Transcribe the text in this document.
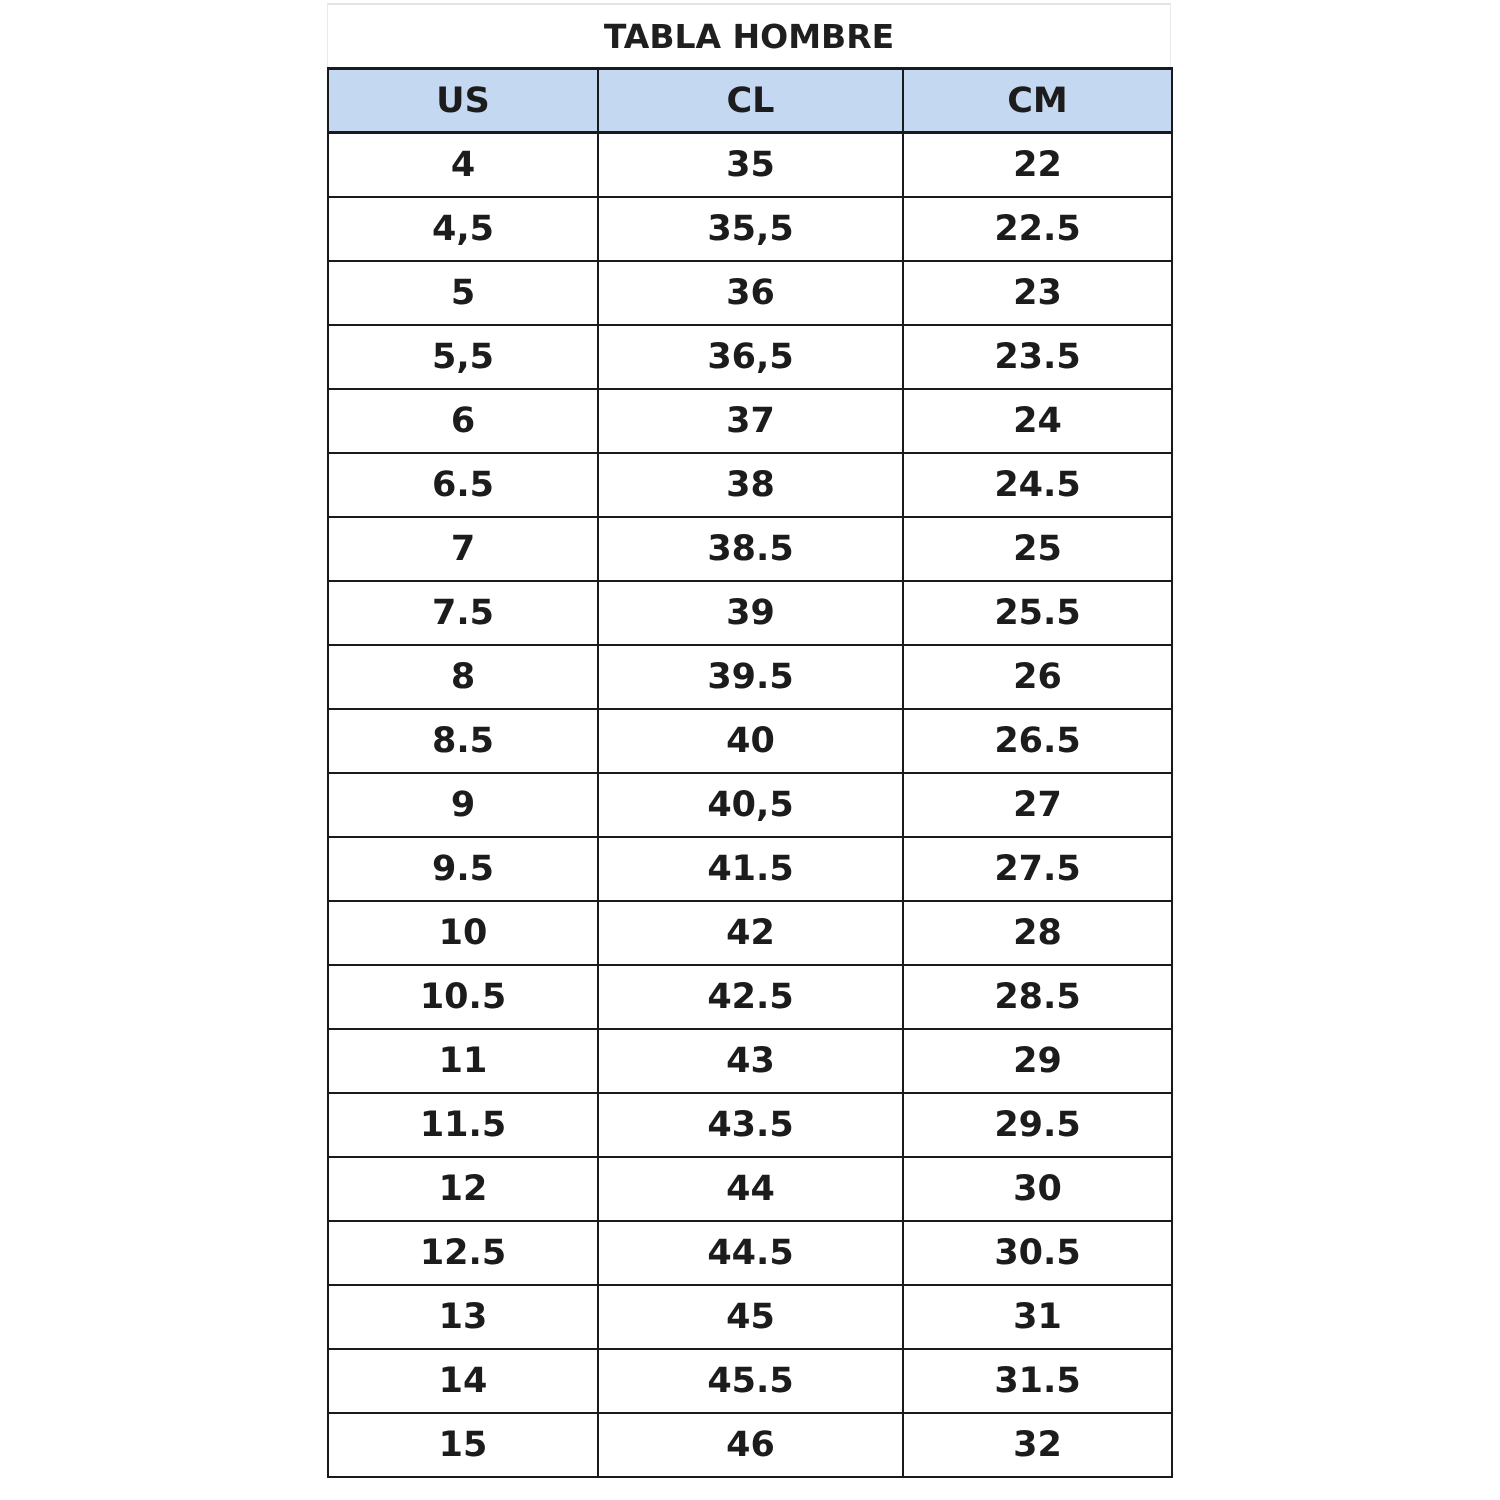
TABLA HOMBRE
US	CL	CM
4	35	22
4,5	35,5	22.5
5	36	23
5,5	36,5	23.5
6	37	24
6.5	38	24.5
7	38.5	25
7.5	39	25.5
8	39.5	26
8.5	40	26.5
9	40,5	27
9.5	41.5	27.5
10	42	28
10.5	42.5	28.5
11	43	29
11.5	43.5	29.5
12	44	30
12.5	44.5	30.5
13	45	31
14	45.5	31.5
15	46	32
